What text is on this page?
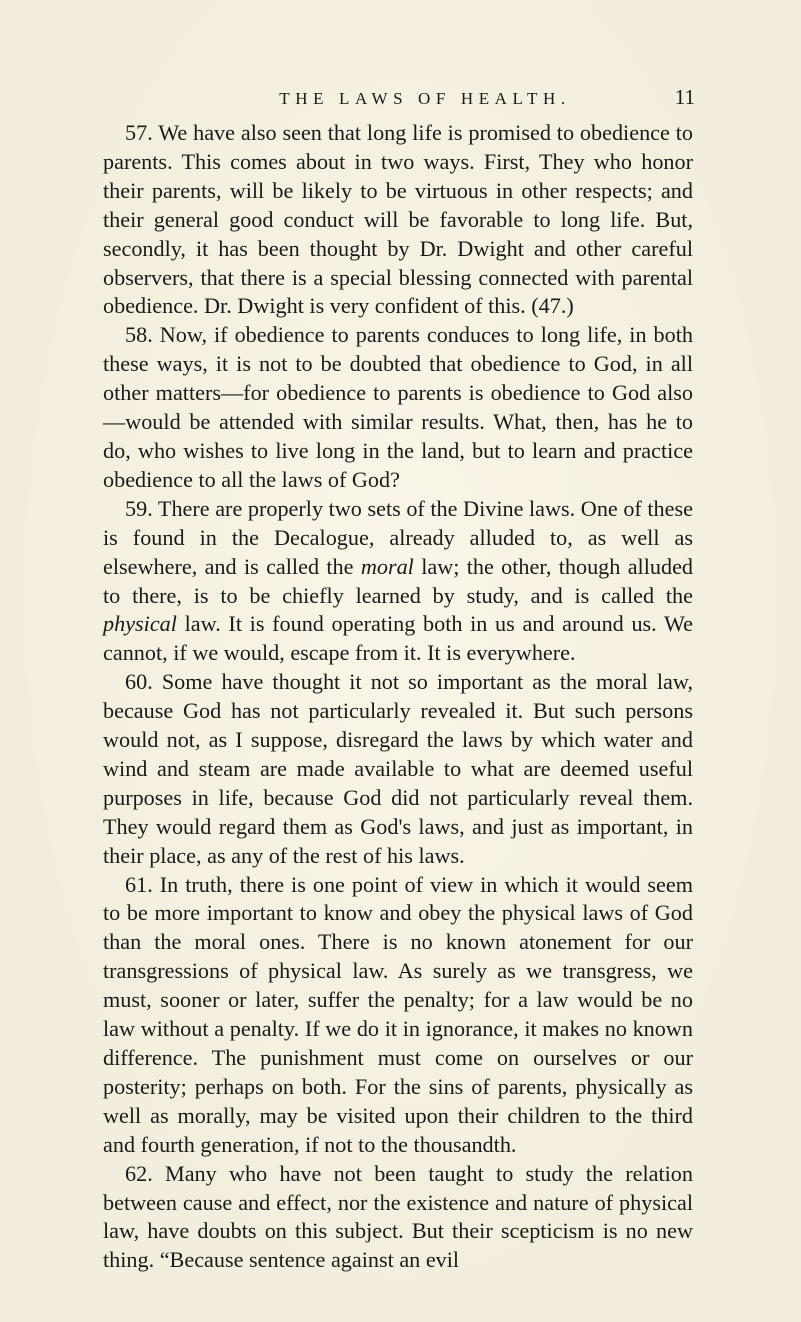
THE LAWS OF HEALTH.	11

57. We have also seen that long life is promised to obedience to parents. This comes about in two ways. First, They who honor their parents, will be likely to be virtuous in other respects; and their general good conduct will be favorable to long life. But, secondly, it has been thought by Dr. Dwight and other careful observers, that there is a special blessing connected with parental obedience. Dr. Dwight is very confident of this. (47.)

58. Now, if obedience to parents conduces to long life, in both these ways, it is not to be doubted that obedience to God, in all other matters—for obedience to parents is obedience to God also—would be attended with similar results. What, then, has he to do, who wishes to live long in the land, but to learn and practice obedience to all the laws of God?

59. There are properly two sets of the Divine laws. One of these is found in the Decalogue, already alluded to, as well as elsewhere, and is called the moral law; the other, though alluded to there, is to be chiefly learned by study, and is called the physical law. It is found operating both in us and around us. We cannot, if we would, escape from it. It is everywhere.

60. Some have thought it not so important as the moral law, because God has not particularly revealed it. But such persons would not, as I suppose, disregard the laws by which water and wind and steam are made available to what are deemed useful purposes in life, because God did not particularly reveal them. They would regard them as God's laws, and just as important, in their place, as any of the rest of his laws.

61. In truth, there is one point of view in which it would seem to be more important to know and obey the physical laws of God than the moral ones. There is no known atonement for our transgressions of physical law. As surely as we transgress, we must, sooner or later, suffer the penalty; for a law would be no law without a penalty. If we do it in ignorance, it makes no known difference. The punishment must come on ourselves or our posterity; perhaps on both. For the sins of parents, physically as well as morally, may be visited upon their children to the third and fourth generation, if not to the thousandth.

62. Many who have not been taught to study the relation between cause and effect, nor the existence and nature of physical law, have doubts on this subject. But their scepticism is no new thing. “Because sentence against an evil
